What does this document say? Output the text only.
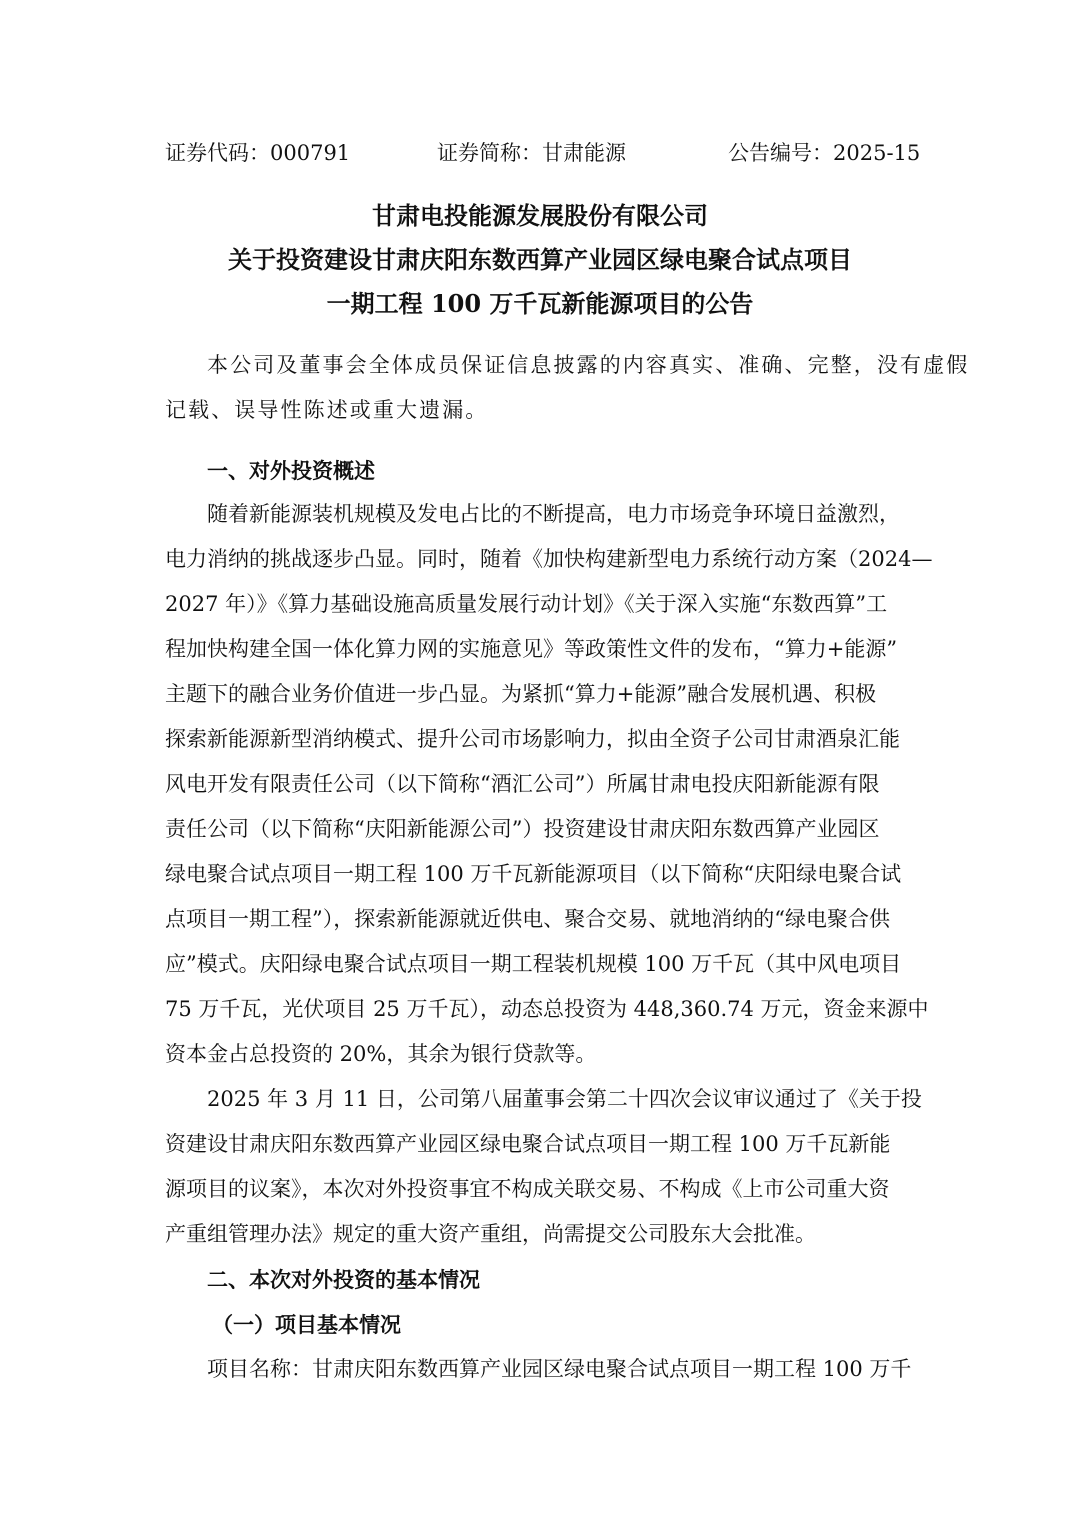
证券代码：000791	证券简称：甘肃能源	公告编号：2025-15
甘肃电投能源发展股份有限公司
关于投资建设甘肃庆阳东数西算产业园区绿电聚合试点项目
一期工程 100 万千瓦新能源项目的公告
本公司及董事会全体成员保证信息披露的内容真实、准确、完整，没有虚假
记载、误导性陈述或重大遗漏。
一、对外投资概述
随着新能源装机规模及发电占比的不断提高，电力市场竞争环境日益激烈，
电力消纳的挑战逐步凸显。同时，随着《加快构建新型电力系统行动方案（2024—
2027 年）》《算力基础设施高质量发展行动计划》《关于深入实施“东数西算”工
程加快构建全国一体化算力网的实施意见》等政策性文件的发布，“算力+能源”
主题下的融合业务价值进一步凸显。为紧抓“算力+能源”融合发展机遇、积极
探索新能源新型消纳模式、提升公司市场影响力，拟由全资子公司甘肃酒泉汇能
风电开发有限责任公司（以下简称“酒汇公司”）所属甘肃电投庆阳新能源有限
责任公司（以下简称“庆阳新能源公司”）投资建设甘肃庆阳东数西算产业园区
绿电聚合试点项目一期工程 100 万千瓦新能源项目（以下简称“庆阳绿电聚合试
点项目一期工程”），探索新能源就近供电、聚合交易、就地消纳的“绿电聚合供
应”模式。庆阳绿电聚合试点项目一期工程装机规模 100 万千瓦（其中风电项目
75 万千瓦，光伏项目 25 万千瓦），动态总投资为 448,360.74 万元，资金来源中
资本金占总投资的 20%，其余为银行贷款等。
2025 年 3 月 11 日，公司第八届董事会第二十四次会议审议通过了《关于投
资建设甘肃庆阳东数西算产业园区绿电聚合试点项目一期工程 100 万千瓦新能
源项目的议案》，本次对外投资事宜不构成关联交易、不构成《上市公司重大资
产重组管理办法》规定的重大资产重组，尚需提交公司股东大会批准。
二、本次对外投资的基本情况
（一）项目基本情况
项目名称：甘肃庆阳东数西算产业园区绿电聚合试点项目一期工程 100 万千
